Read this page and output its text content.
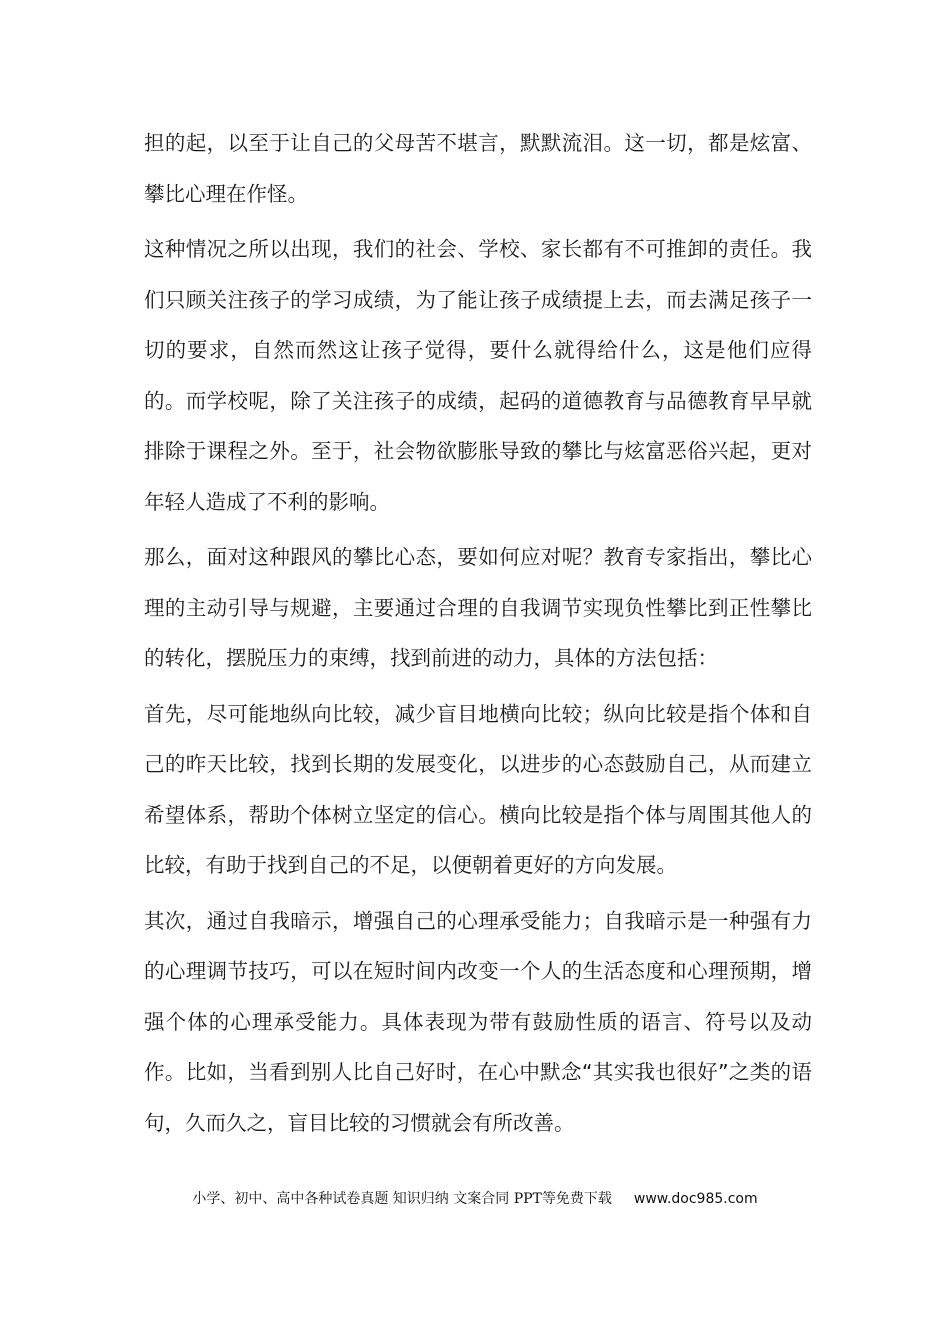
担的起，以至于让自己的父母苦不堪言，默默流泪。这一切，都是炫富、攀比心理在作怪。

这种情况之所以出现，我们的社会、学校、家长都有不可推卸的责任。我们只顾关注孩子的学习成绩，为了能让孩子成绩提上去，而去满足孩子一切的要求，自然而然这让孩子觉得，要什么就得给什么，这是他们应得的。而学校呢，除了关注孩子的成绩，起码的道德教育与品德教育早早就排除于课程之外。至于，社会物欲膨胀导致的攀比与炫富恶俗兴起，更对年轻人造成了不利的影响。

那么，面对这种跟风的攀比心态，要如何应对呢？教育专家指出，攀比心理的主动引导与规避，主要通过合理的自我调节实现负性攀比到正性攀比的转化，摆脱压力的束缚，找到前进的动力，具体的方法包括：

首先，尽可能地纵向比较，减少盲目地横向比较；纵向比较是指个体和自己的昨天比较，找到长期的发展变化，以进步的心态鼓励自己，从而建立希望体系，帮助个体树立坚定的信心。横向比较是指个体与周围其他人的比较，有助于找到自己的不足，以便朝着更好的方向发展。

其次，通过自我暗示，增强自己的心理承受能力；自我暗示是一种强有力的心理调节技巧，可以在短时间内改变一个人的生活态度和心理预期，增强个体的心理承受能力。具体表现为带有鼓励性质的语言、符号以及动作。比如，当看到别人比自己好时，在心中默念“其实我也很好”之类的语句，久而久之，盲目比较的习惯就会有所改善。

小学、初中、高中各种试卷真题 知识归纳 文案合同 PPT等免费下载 www.doc985.com
